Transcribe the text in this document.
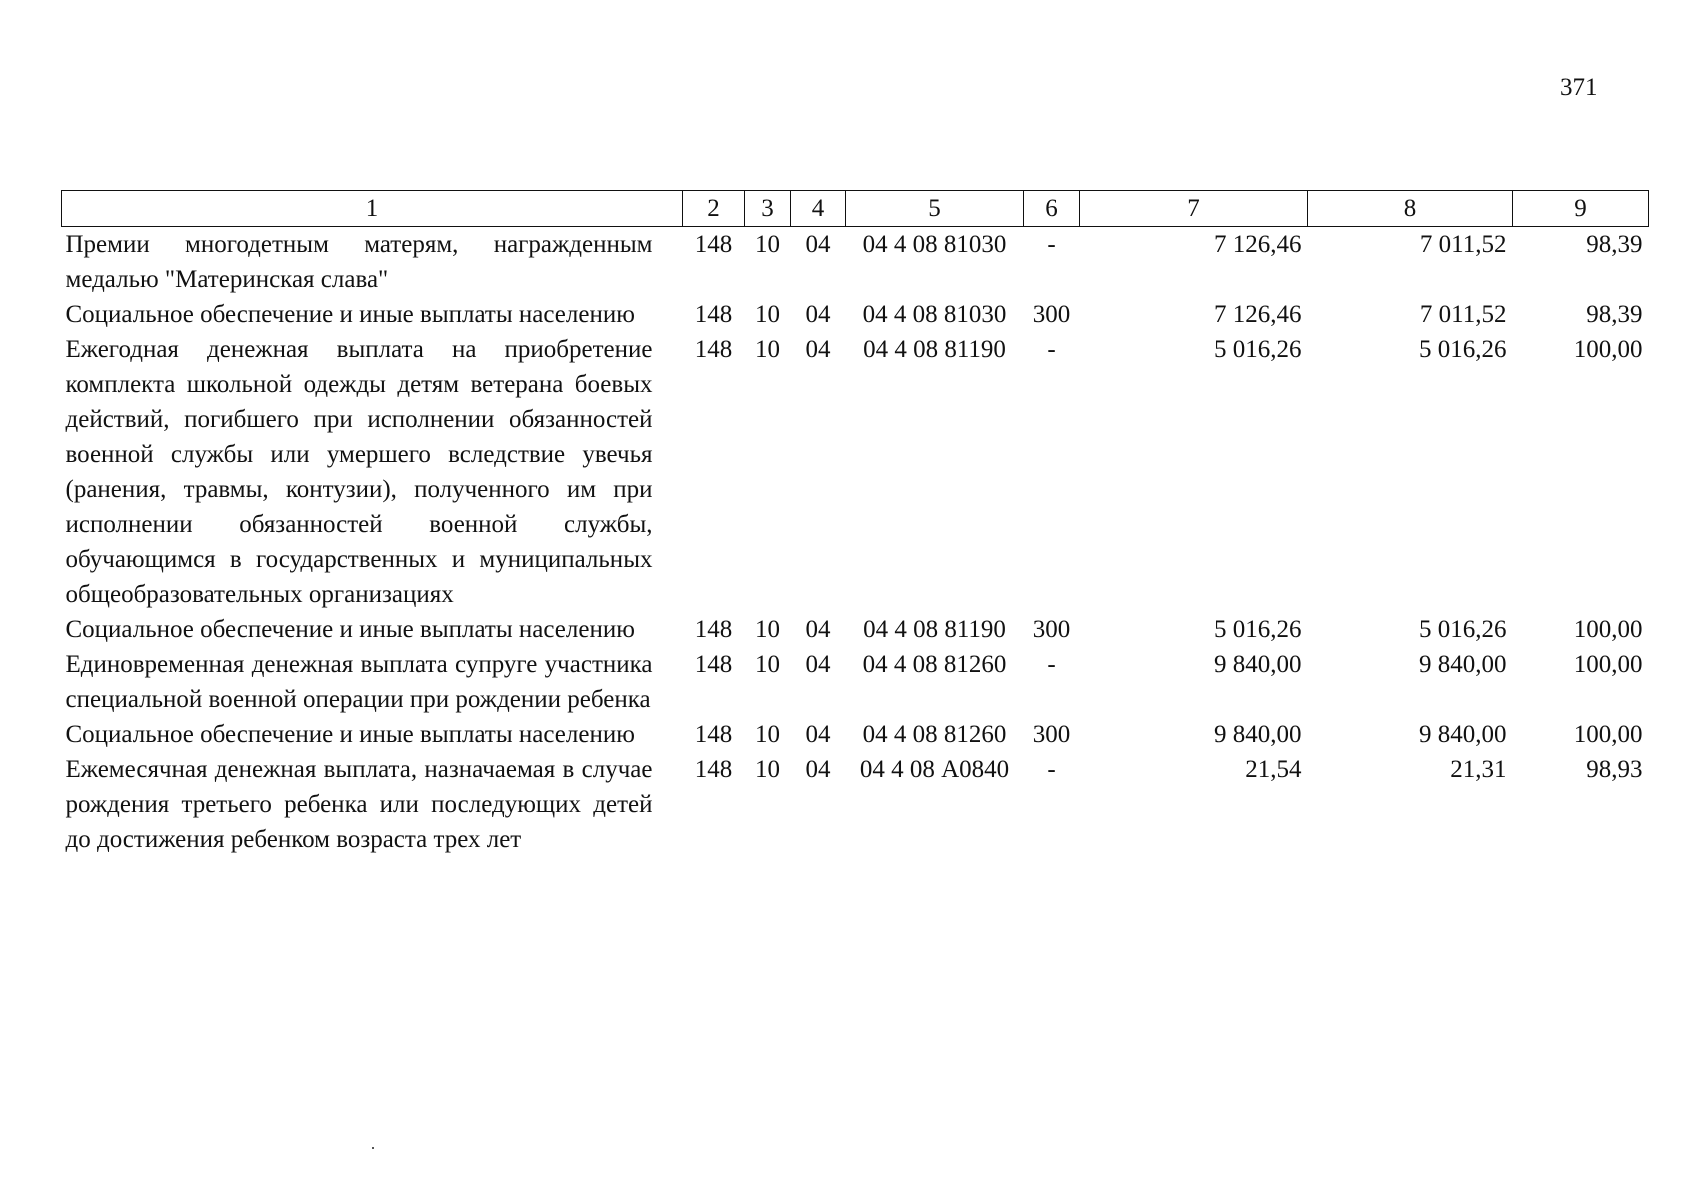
371
1	2	3	4	5	6	7	8	9
Премии многодетным матерям, награжденным медалью "Материнская слава"	148	10	04	04 4 08 81030	-	7 126,46	7 011,52	98,39
Социальное обеспечение и иные выплаты населению	148	10	04	04 4 08 81030	300	7 126,46	7 011,52	98,39
Ежегодная денежная выплата на приобретение комплекта школьной одежды детям ветерана боевых действий, погибшего при исполнении обязанностей военной службы или умершего вследствие увечья (ранения, травмы, контузии), полученного им при исполнении обязанностей военной службы, обучающимся в государственных и муниципальных общеобразовательных организациях	148	10	04	04 4 08 81190	-	5 016,26	5 016,26	100,00
Социальное обеспечение и иные выплаты населению	148	10	04	04 4 08 81190	300	5 016,26	5 016,26	100,00
Единовременная денежная выплата супруге участника специальной военной операции при рождении ребенка	148	10	04	04 4 08 81260	-	9 840,00	9 840,00	100,00
Социальное обеспечение и иные выплаты населению	148	10	04	04 4 08 81260	300	9 840,00	9 840,00	100,00
Ежемесячная денежная выплата, назначаемая в случае рождения третьего ребенка или последующих детей до достижения ребенком возраста трех лет	148	10	04	04 4 08 А0840	-	21,54	21,31	98,93
